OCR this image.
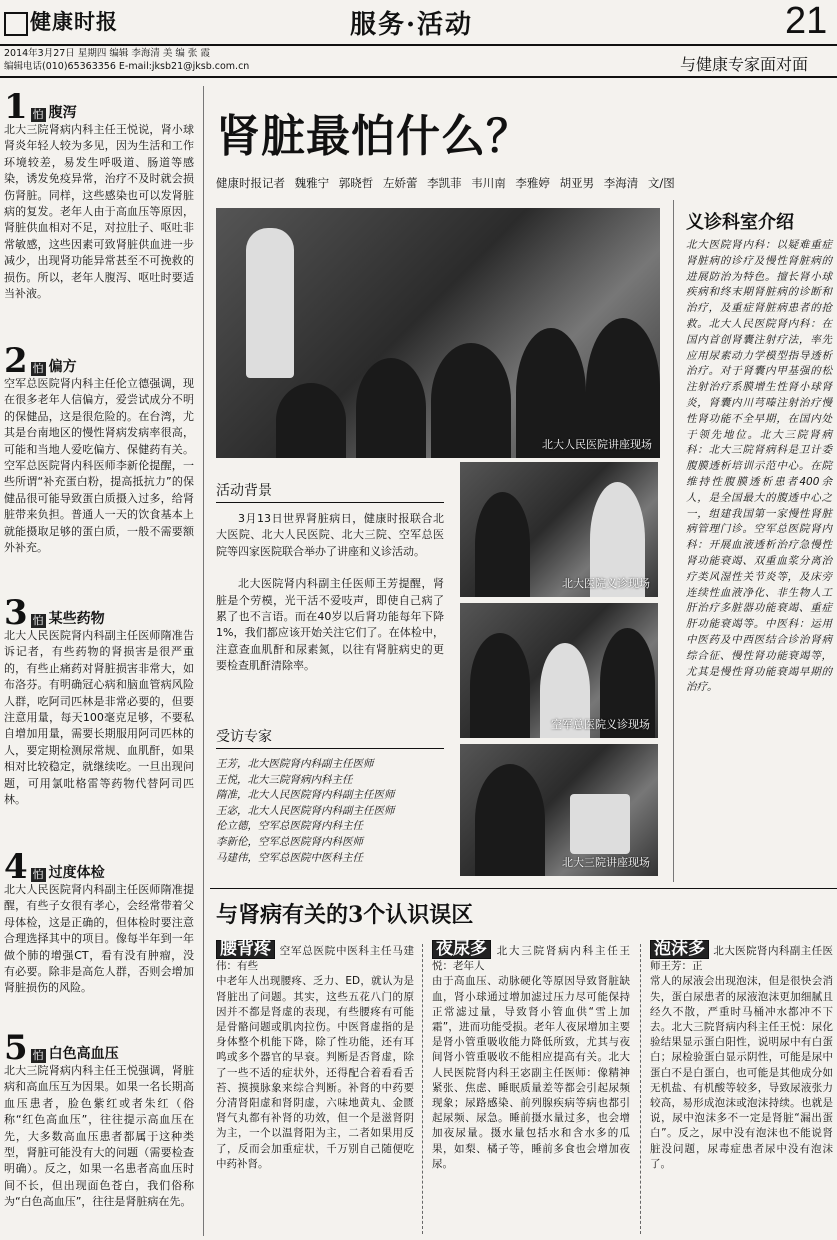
健康时报	服务·活动	21
2014年3月27日 星期四 编辑 李海清 美 编 张 霞
编辑电话(010)65363356 E-mail:jksb21@jksb.com.cn	与健康专家面对面
1 怕 腹泻

北大三院肾病内科主任王悦说，肾小球肾炎年轻人较为多见，因为生活和工作环境较差，易发生呼吸道、肠道等感染，诱发免疫异常，治疗不及时就会损伤肾脏。同样，这些感染也可以发肾脏病的复发。老年人由于高血压等原因，肾脏供血相对不足，对拉肚子、呕吐非常敏感，这些因素可致肾脏供血进一步减少，出现肾功能异常甚至不可挽救的损伤。所以，老年人腹泻、呕吐时要适当补液。

2 怕 偏方

空军总医院肾内科主任伦立德强调，现在很多老年人信偏方，爱尝试成分不明的保健品，这是很危险的。在台湾，尤其是台南地区的慢性肾病发病率很高，可能和当地人爱吃偏方、保健药有关。空军总医院肾内科医师李新伦提醒，一些所谓“补充蛋白粉，提高抵抗力”的保健品很可能导致蛋白质摄入过多，给肾脏带来负担。普通人一天的饮食基本上就能摄取足够的蛋白质，一般不需要额外补充。

3 怕 某些药物

北大人民医院肾内科副主任医师隋准告诉记者，有些药物的肾损害是很严重的，有些止痛药对肾脏损害非常大，如布洛芬。有明确冠心病和脑血管病风险人群，吃阿司匹林是非常必要的，但要注意用量，每天100毫克足够，不要私自增加用量，需要长期服用阿司匹林的人，要定期检测尿常规、血肌酐，如果相对比较稳定，就继续吃。一旦出现问题，可用氯吡格雷等药物代替阿司匹林。

4 怕 过度体检

北大人民医院肾内科副主任医师隋准提醒，有些子女很有孝心，会经常带着父母体检，这是正确的，但体检时要注意合理选择其中的项目。像每半年到一年做个肺的增强CT，看有没有肿瘤，没有必要。除非是高危人群，否则会增加肾脏损伤的风险。

5 怕 白色高血压

北大三院肾病内科主任王悦强调，肾脏病和高血压互为因果。如果一名长期高血压患者，脸色紫红或者朱红（俗称“红色高血压”，往往提示高血压在先，大多数高血压患者都属于这种类型，肾脏可能没有大的问题（需要检查明确）。反之，如果一名患者高血压时间不长，但出现面色苍白，我们俗称为“白色高血压”，往往是肾脏病在先。

肾脏最怕什么？
健康时报记者 魏雅宁 郭晓哲 左娇蕾 李凯菲 韦川南 李雅婷 胡亚男 李海清 文/图
北大人民医院讲座现场
活动背景

3月13日世界肾脏病日，健康时报联合北大医院、北大人民医院、北大三院、空军总医院等四家医院联合举办了讲座和义诊活动。

北大医院肾内科副主任医师王芳提醒，肾脏是个劳模，光干活不爱吱声，即使自己病了累了也不言语。而在40岁以后肾功能每年下降1%，我们都应该开始关注它们了。在体检中，注意查血肌酐和尿素氮，以往有肾脏病史的更要检查肌酐清除率。

受访专家

王芳，北大医院肾内科副主任医师

王悦，北大三院肾病内科主任

隋准，北大人民医院肾内科副主任医师

王宓，北大人民医院肾内科副主任医师

伦立德，空军总医院肾内科主任

李新伦，空军总医院肾内科医师

马建伟，空军总医院中医科主任

北大医院义诊现场
空军总医院义诊现场
北大三院讲座现场
义诊科室介绍

北大医院肾内科：以疑难重症肾脏病的诊疗及慢性肾脏病的进展防治为特色。擅长肾小球疾病和终末期肾脏病的诊断和治疗，及重症肾脏病患者的抢救。北大人民医院肾内科：在国内首创肾囊注射疗法，率先应用尿素动力学模型指导透析治疗。对于肾囊内甲基强的松注射治疗系膜增生性肾小球肾炎，肾囊内川芎嗪注射治疗慢性肾功能不全早期，在国内处于领先地位。北大三院肾病科：北大三院肾病科是卫计委腹膜透析培训示范中心。在院维持性腹膜透析患者400余人，是全国最大的腹透中心之一，组建我国第一家慢性肾脏病管理门诊。空军总医院肾内科：开展血液透析治疗急慢性肾功能衰竭、双重血浆分离治疗类风湿性关节炎等，及床旁连续性血液净化、非生物人工肝治疗多脏器功能衰竭、重症肝功能衰竭等。中医科：运用中医药及中西医结合诊治肾病综合征、慢性肾功能衰竭等，尤其是慢性肾功能衰竭早期的治疗。

与肾病有关的3个认识误区

腰背疼 空军总医院中医科主任马建伟：有些

中老年人出现腰疼、乏力、ED，就认为是肾脏出了问题。其实，这些五花八门的原因并不都是肾虚的表现，有些腰疼有可能是骨骼问题或肌肉拉伤。中医肾虚指的是身体整个机能下降，除了性功能，还有耳鸣或多个器官的早衰。判断是否肾虚，除了一些不适的症状外，还得配合着看看舌苔、摸摸脉象来综合判断。补肾的中药要分清肾阳虚和肾阴虚，六味地黄丸、金匮肾气丸都有补肾的功效，但一个是滋肾阴为主，一个以温肾阳为主，二者如果用反了，反而会加重症状，千万别自己随便吃中药补肾。

夜尿多 北大三院肾病内科主任王悦：老年人

由于高血压、动脉硬化等原因导致肾脏缺血，肾小球通过增加滤过压力尽可能保持正常滤过量，导致肾小管血供“雪上加霜”，进而功能受损。老年人夜尿增加主要是肾小管重吸收能力降低所致，尤其与夜间肾小管重吸收不能相应提高有关。北大人民医院肾内科王宓副主任医师：像精神紧张、焦虑、睡眠质量差等都会引起尿频现象；尿路感染、前列腺疾病等病也都引起尿频、尿急。睡前摄水量过多，也会增加夜尿量。摄水量包括水和含水多的瓜果，如梨、橘子等，睡前多食也会增加夜尿。

泡沫多 北大医院肾内科副主任医师王芳：正

常人的尿液会出现泡沫，但是很快会消失，蛋白尿患者的尿液泡沫更加细腻且经久不散，严重时马桶冲水都冲不下去。北大三院肾病内科主任王悦：尿化验结果显示蛋白阳性，说明尿中有白蛋白；尿检验蛋白显示阴性，可能是尿中蛋白不是白蛋白，也可能是其他成分如无机盐、有机酸等较多，导致尿液张力较高，易形成泡沫或泡沫持续。也就是说，尿中泡沫多不一定是肾脏“漏出蛋白”。反之，尿中没有泡沫也不能说肾脏没问题，尿毒症患者尿中没有泡沫了。
